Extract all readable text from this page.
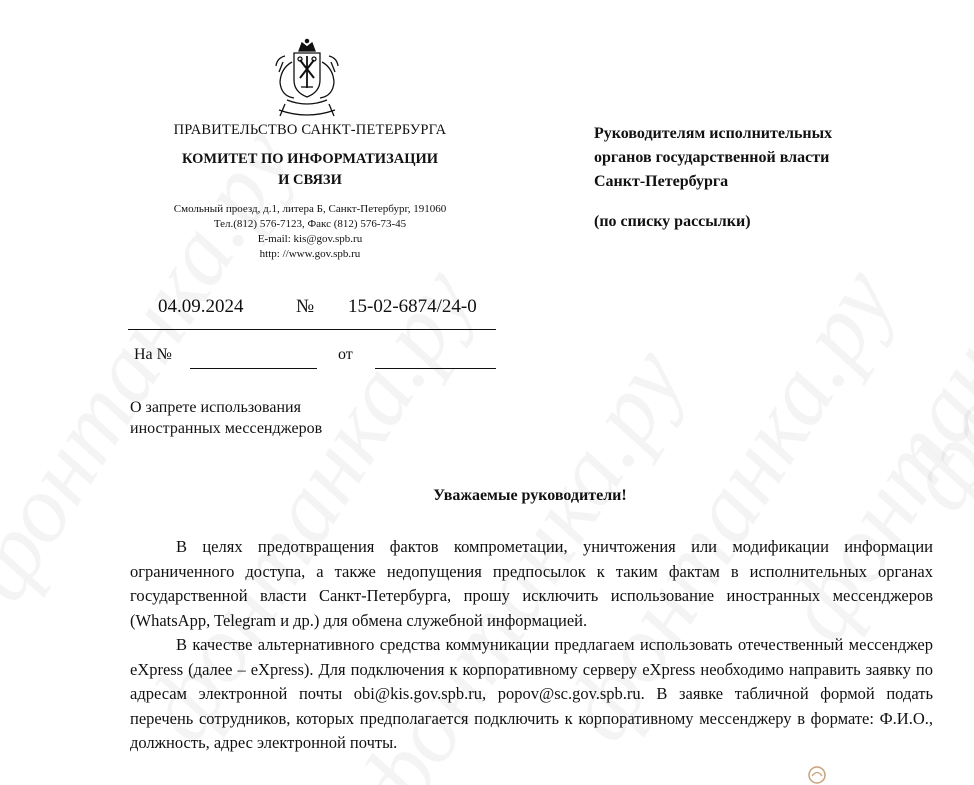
ПРАВИТЕЛЬСТВО САНКТ-ПЕТЕРБУРГА
КОМИТЕТ ПО ИНФОРМАТИЗАЦИИ
И СВЯЗИ
Смольный проезд, д.1, литера Б, Санкт-Петербург, 191060
Тел.(812) 576-7123, Факс (812) 576-73-45
E-mail: kis@gov.spb.ru
http: //www.gov.spb.ru
Руководителям исполнительных
органов государственной власти
Санкт-Петербурга
(по списку рассылки)
04.09.2024	№ 15-02-6874/24-0
На №	от
О запрете использования
иностранных мессенджеров
Уважаемые руководители!

В целях предотвращения фактов компрометации, уничтожения или модификации информации ограниченного доступа, а также недопущения предпосылок к таким фактам в исполнительных органах государственной власти Санкт-Петербурга, прошу исключить использование иностранных мессенджеров (WhatsApp, Telegram и др.) для обмена служебной информацией.

В качестве альтернативного средства коммуникации предлагаем использовать отечественный мессенджер eXpress (далее – eXpress). Для подключения к корпоративному серверу eXpress необходимо направить заявку по адресам электронной почты obi@kis.gov.spb.ru, popov@sc.gov.spb.ru. В заявке табличной формой подать перечень сотрудников, которых предполагается подключить к корпоративному мессенджеру в формате: Ф.И.О., должность, адрес электронной почты.
